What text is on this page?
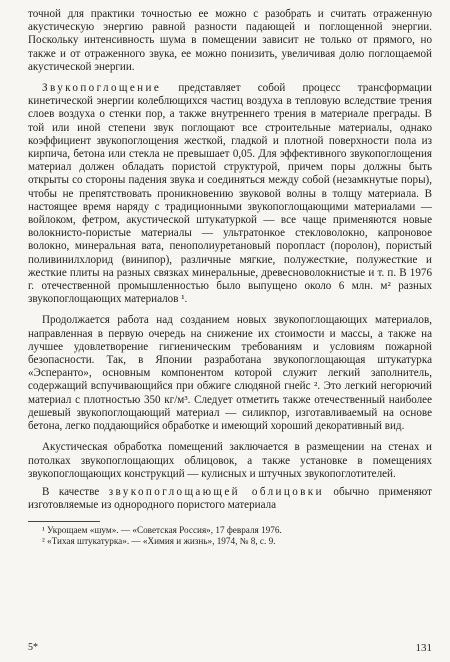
точной для практики точностью ее можно с разобрать и считать отраженную акустическую энергию равной разности падающей и поглощенной энергии. Поскольку интенсивность шума в помещении зависит не только от прямого, но также и от отраженного звука, ее можно понизить, увеличивая долю поглощаемой акустической энергии.

Звукопоглощение представляет собой процесс трансформации кинетической энергии колеблющихся частиц воздуха в тепловую вследствие трения слоев воздуха о стенки пор, а также внутреннего трения в материале преграды. В той или иной степени звук поглощают все строительные материалы, однако коэффициент звукопоглощения жесткой, гладкой и плотной поверхности пола из кирпича, бетона или стекла не превышает 0,05. Для эффективного звукопоглощения материал должен обладать пористой структурой, причем поры должны быть открыты со стороны падения звука и соединяться между собой (незамкнутые поры), чтобы не препятствовать проникновению звуковой волны в толщу материала. В настоящее время наряду с традиционными звукопоглощающими материалами — войлоком, фетром, акустической штукатуркой — все чаще применяются новые волокнисто-пористые материалы — ультратонкое стекловолокно, капроновое волокно, минеральная вата, пенополиуретановый поропласт (поролон), пористый поливинилхлорид (винипор), различные мягкие, полужесткие, полужесткие и жесткие плиты на разных связках минеральные, древесноволокнистые и т. п. В 1976 г. отечественной промышленностью было выпущено около 6 млн. м² разных звукопоглощающих материалов ¹.

Продолжается работа над созданием новых звукопоглощающих материалов, направленная в первую очередь на снижение их стоимости и массы, а также на лучшее удовлетворение гигиеническим требованиям и условиям пожарной безопасности. Так, в Японии разработана звукопоглощающая штукатурка «Эсперанто», основным компонентом которой служит легкий заполнитель, содержащий вспучивающийся при обжиге слюдяной гнейс ². Это легкий негорючий материал с плотностью 350 кг/м³. Следует отметить также отечественный наиболее дешевый звукопоглощающий материал — силикпор, изготавливаемый на основе бетона, легко поддающийся обработке и имеющий хороший декоративный вид.

Акустическая обработка помещений заключается в размещении на стенах и потолках звукопоглощающих облицовок, а также установке в помещениях звукопоглощающих конструкций — кулисных и штучных звукопоглотителей.

В качестве звукопоглощающей облицовки обычно применяют изготовляемые из однородного пористого материала

¹ Укрощаем «шум». — «Советская Россия», 17 февраля 1976.

² «Тихая штукатурка». — «Химия и жизнь», 1974, № 8, с. 9.

5*	131
